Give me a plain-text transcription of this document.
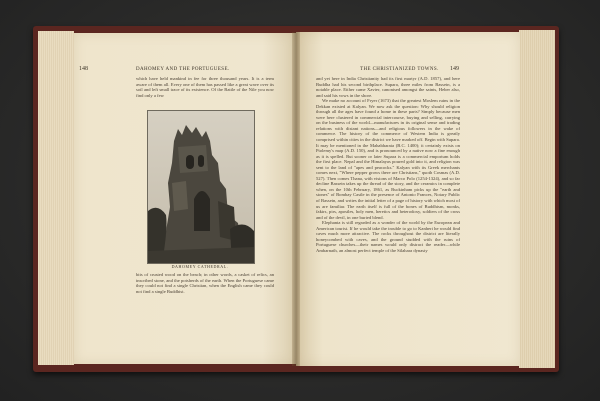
148	DAHOMEY AND THE PORTUGUESE.

which have held mankind in fee for three thousand years. It is a term aware of them all. Every one of them has passed like a great wave over its soil and left small trace of its existence. Of the Battle of the Nile you now find only a few

DAHOMEY CATHEDRAL.

bits of crusted wood on the beach; in other words, a casket of relics, an inscribed stone, and the potsherds of the earth. When the Portuguese came they could not find a single Christian, when the English came they could not find a single Buddhist.

THE CHRISTIANIZED TOWNS. 149

and yet here in India Christianity had its first martyr (A.D. 1857), and here Buddha had his second birthplace. Supara, three miles from Bassein, is a notable place. Either came Xavier, canonised amongst the saints, Heber also, and said his vows in the shore.

We make no account of Fryer (1673) that the greatest Moslem ruins in the Dekkan existed at Kalyan. We now ask the question: Why should religion through all the ages have found a home in these parts? Simply because men were here clustered in commercial intercourse, buying and selling, carrying on the business of the world—manufactures in its original sense and trading relations with distant nations—and religious followers in the wake of commerce. The history of the commerce of Western India is greatly comprised within cities in the district we have marked off. Begin with Supara. It may be mentioned in the Mahabharata (B.C. 1400); it certainly exists on Ptolemy's map (A.D. 150), and is pronounced by a native now a fine enough as it is spelled. But sooner or later Supara is a commercial emporium holds the first place. Nepal and the Himalayas poured gold into it, and religion was sent to the land of "apes and peacocks." Kalyan with its Greek merchants comes next, "Where pepper grows there are Christians," quoth Cosmas (A.D. 527). Then comes Thana, with visions of Marco Polo (1254-1324), and so far decline Bassein takes up the thread of the story, and the ceramics in complete when, on the 10th February, 1861, as Buckinham picks up the "earth and stones" of Bombay Castle in the presence of Antonio Frances, Notary Public of Bassein, and writes the initial letter of a page of history with which most of us are familiar. The earth itself is full of the bones of Buddhism, monks, fakirs, pirs, apostles, holy men, heretics and heterodoxy, soldiers of the cross and of the devil, in one buried blend.

Elephanta is still regarded as a wonder of the world by the European and American tourist. If he would take the trouble to go to Kanheri he would find caves much more attractive. The rocks throughout the district are literally honeycombed with caves, and the ground studded with the ruins of Portuguese churches—their names would only distract the reader—while Ambarnath, an almost perfect temple of the Silahara dynasty
